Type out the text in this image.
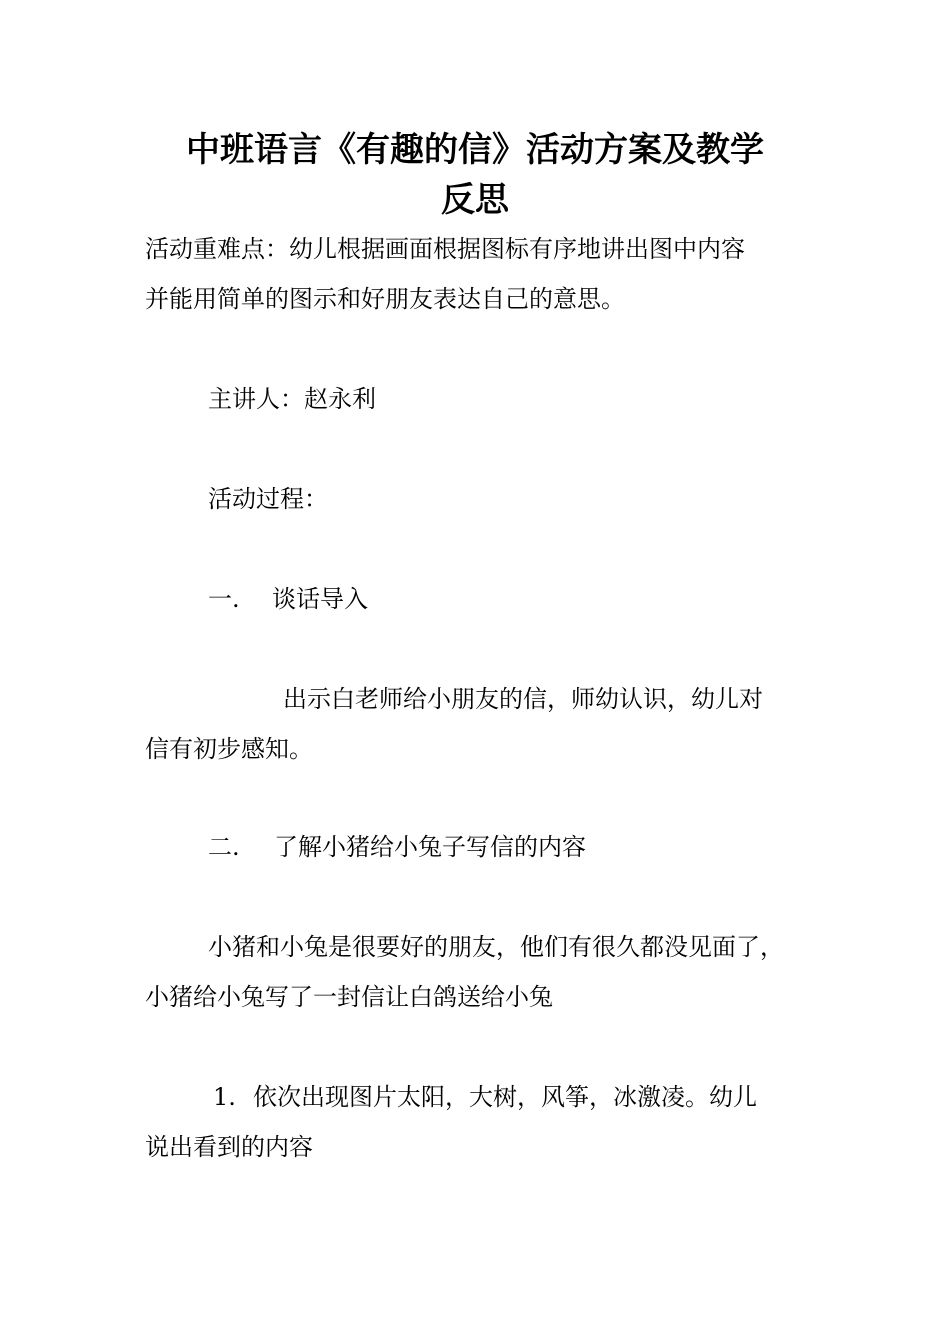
中班语言《有趣的信》活动方案及教学
反思

活动重难点：幼儿根据画面根据图标有序地讲出图中内容

并能用简单的图示和好朋友表达自己的意思。

主讲人：赵永利

活动过程：

一. 谈话导入

出示白老师给小朋友的信，师幼认识，幼儿对

信有初步感知。

二. 了解小猪给小兔子写信的内容

小猪和小兔是很要好的朋友，他们有很久都没见面了，

小猪给小兔写了一封信让白鸽送给小兔

1. 依次出现图片太阳，大树，风筝，冰激凌。幼儿

说出看到的内容
